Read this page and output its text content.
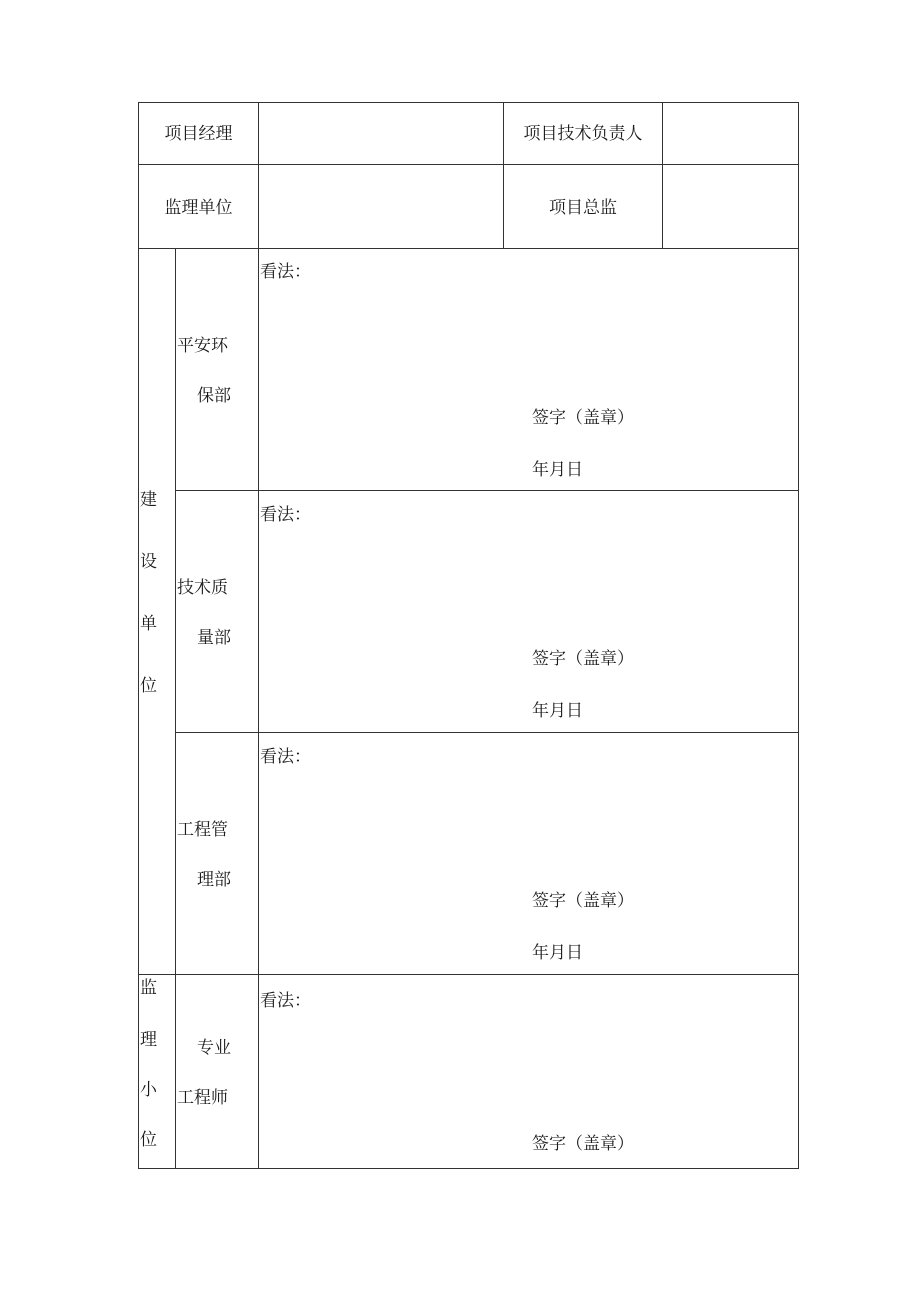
项目经理	项目技术负责人
监理单位	项目总监
建
设
单
位
平安环
保部
看法：
签字（盖章）
年月日
技术质
量部
看法：
签字（盖章）
年月日
工程管
理部
看法：
签字（盖章）
年月日
监
理
小
位
专业
工程师
看法：
签字（盖章）
